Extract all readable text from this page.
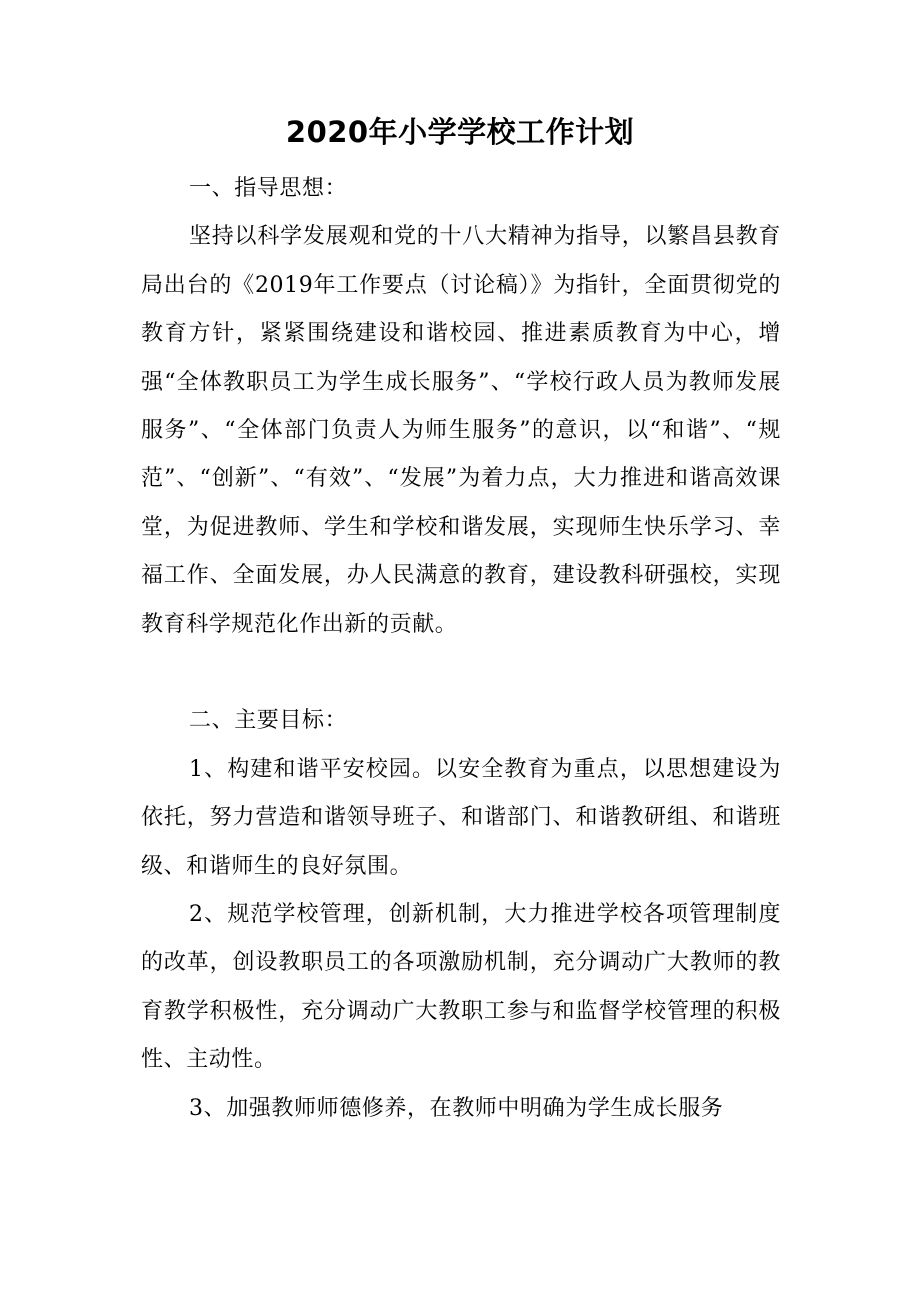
2020年小学学校工作计划

一、指导思想：

坚持以科学发展观和党的十八大精神为指导，以繁昌县教育局出台的《2019年工作要点（讨论稿）》为指针，全面贯彻党的教育方针，紧紧围绕建设和谐校园、推进素质教育为中心，增强“全体教职员工为学生成长服务”、“学校行政人员为教师发展服务”、“全体部门负责人为师生服务”的意识，以“和谐”、“规范”、“创新”、“有效”、“发展”为着力点，大力推进和谐高效课堂，为促进教师、学生和学校和谐发展，实现师生快乐学习、幸福工作、全面发展，办人民满意的教育，建设教科研强校，实现教育科学规范化作出新的贡献。

二、主要目标：

1、构建和谐平安校园。以安全教育为重点，以思想建设为依托，努力营造和谐领导班子、和谐部门、和谐教研组、和谐班级、和谐师生的良好氛围。

2、规范学校管理，创新机制，大力推进学校各项管理制度的改革，创设教职员工的各项激励机制，充分调动广大教师的教育教学积极性，充分调动广大教职工参与和监督学校管理的积极性、主动性。

3、加强教师师德修养，在教师中明确为学生成长服务
